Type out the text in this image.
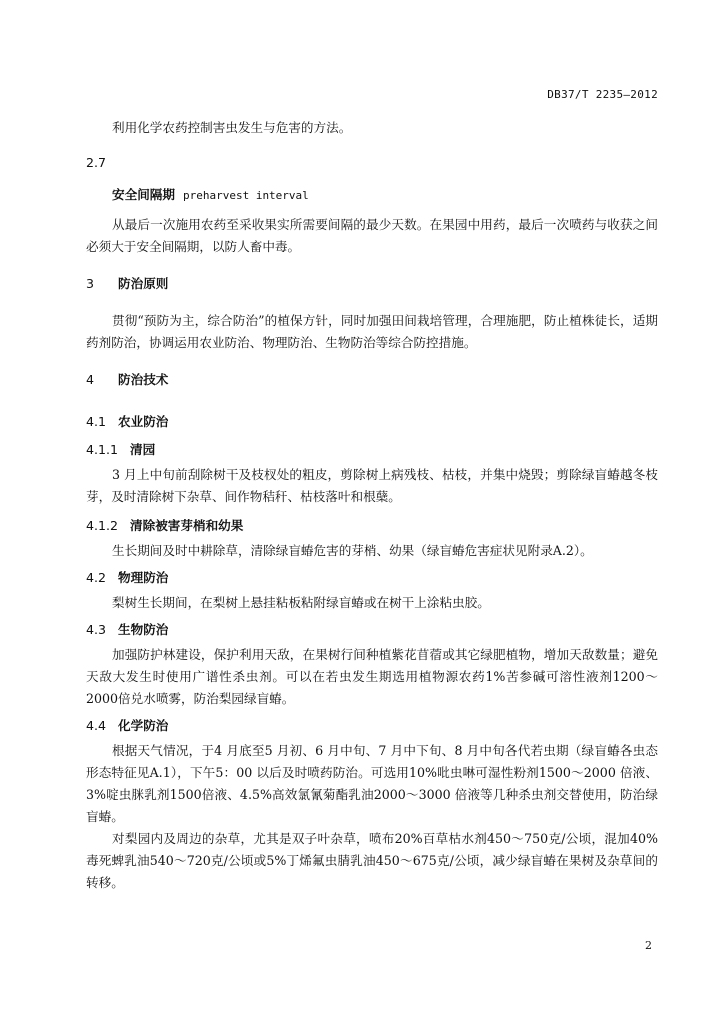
DB37/T 2235—2012

利用化学农药控制害虫发生与危害的方法。

2.7

安全间隔期 preharvest interval

从最后一次施用农药至采收果实所需要间隔的最少天数。在果园中用药，最后一次喷药与收获之间必须大于安全间隔期，以防人畜中毒。

3 防治原则

贯彻“预防为主，综合防治”的植保方针，同时加强田间栽培管理，合理施肥，防止植株徒长，适期药剂防治，协调运用农业防治、物理防治、生物防治等综合防控措施。

4 防治技术

4.1 农业防治

4.1.1 清园

3 月上中旬前刮除树干及枝杈处的粗皮，剪除树上病残枝、枯枝，并集中烧毁；剪除绿盲蝽越冬枝芽，及时清除树下杂草、间作物秸秆、枯枝落叶和根蘖。

4.1.2 清除被害芽梢和幼果

生长期间及时中耕除草，清除绿盲蝽危害的芽梢、幼果（绿盲蝽危害症状见附录A.2）。

4.2 物理防治

梨树生长期间，在梨树上悬挂粘板粘附绿盲蝽或在树干上涂粘虫胶。

4.3 生物防治

加强防护林建设，保护利用天敌，在果树行间种植紫花苜蓿或其它绿肥植物，增加天敌数量；避免天敌大发生时使用广谱性杀虫剂。可以在若虫发生期选用植物源农药1%苦参碱可溶性液剂1200～2000倍兑水喷雾，防治梨园绿盲蝽。

4.4 化学防治

根据天气情况，于4 月底至5 月初、6 月中旬、7 月中下旬、8 月中旬各代若虫期（绿盲蝽各虫态形态特征见A.1），下午5：00 以后及时喷药防治。可选用10%吡虫啉可湿性粉剂1500～2000 倍液、3%啶虫脒乳剂1500倍液、4.5%高效氯氰菊酯乳油2000～3000 倍液等几种杀虫剂交替使用，防治绿盲蝽。

对梨园内及周边的杂草，尤其是双子叶杂草，喷布20%百草枯水剂450～750克/公顷，混加40%毒死蜱乳油540～720克/公顷或5%丁烯氟虫腈乳油450～675克/公顷，减少绿盲蝽在果树及杂草间的转移。

2
